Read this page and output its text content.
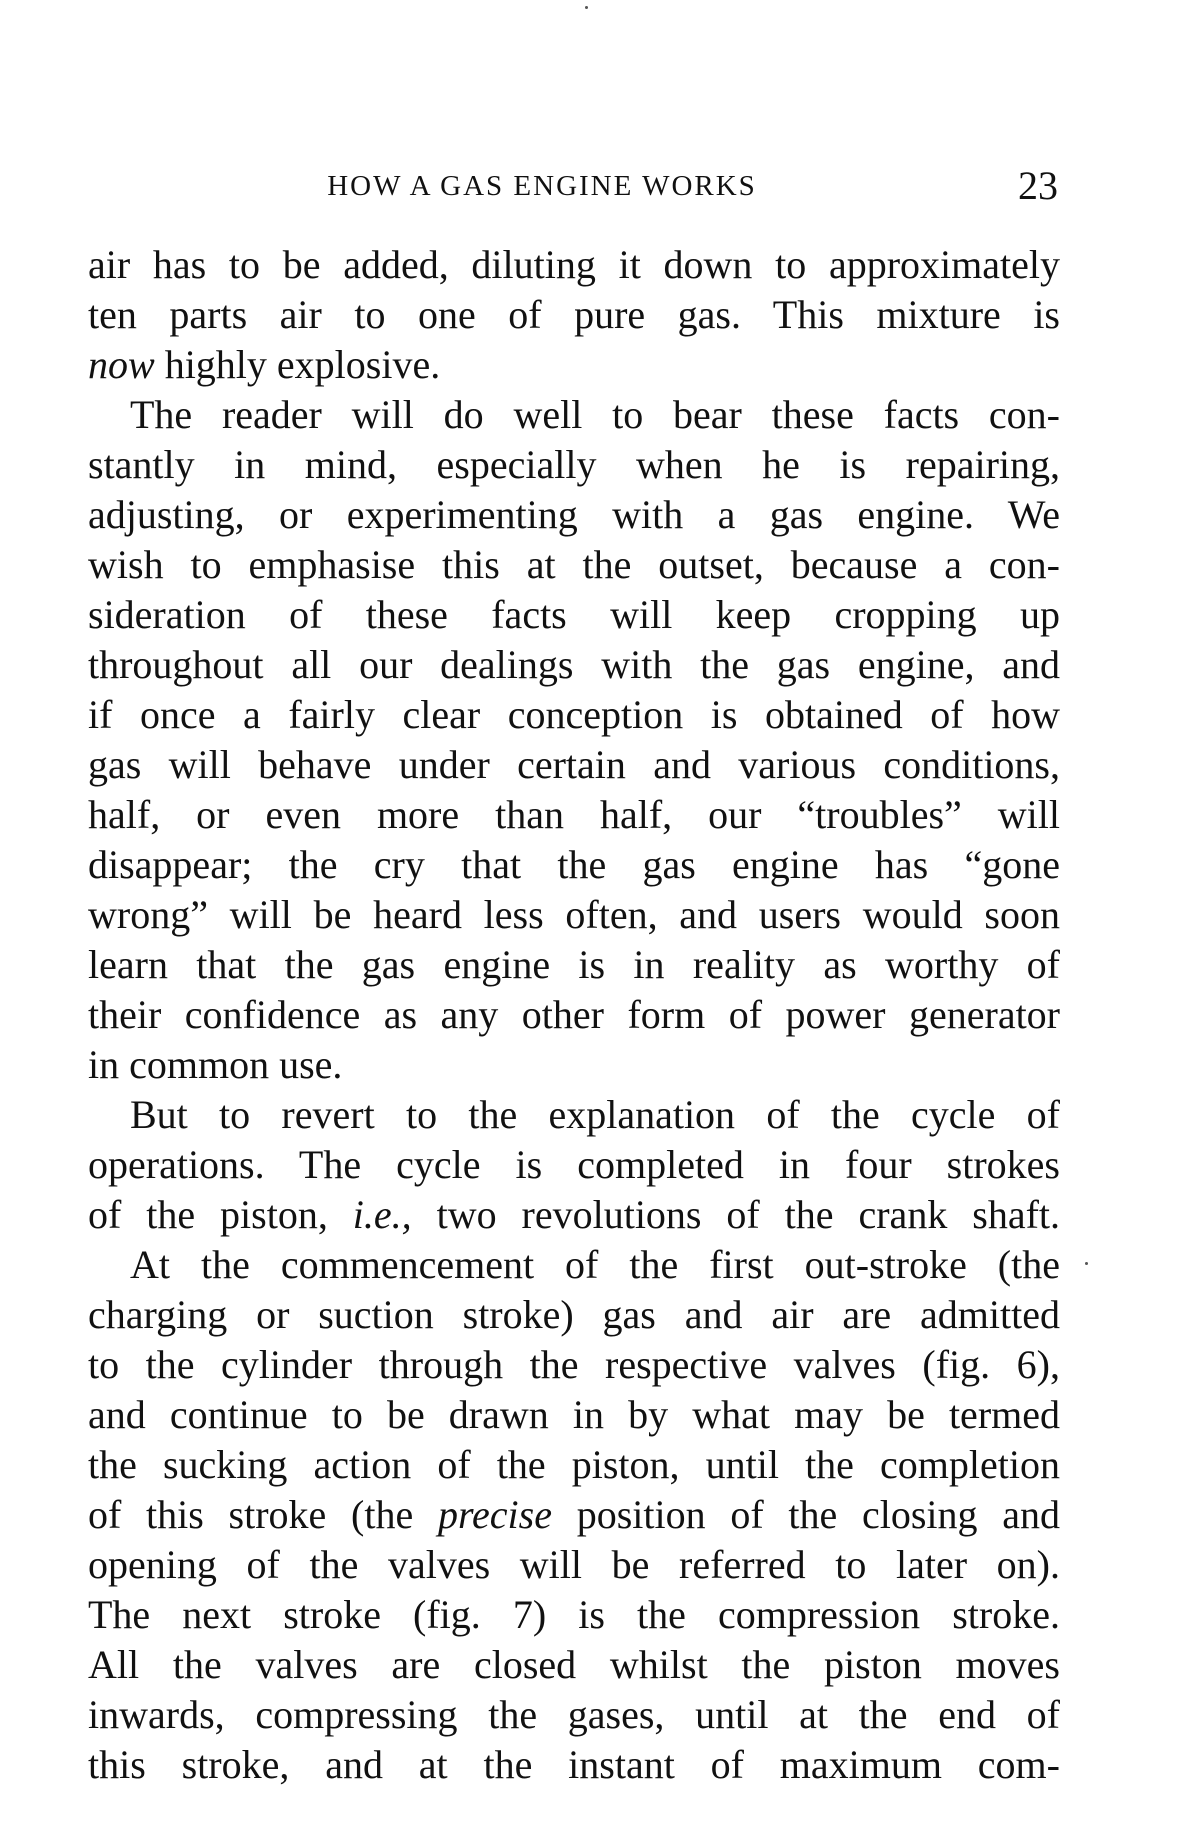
HOW A GAS ENGINE WORKS	23
air has to be added, diluting it down to approximately
ten parts air to one of pure gas. This mixture is
now highly explosive.
The reader will do well to bear these facts con-
stantly in mind, especially when he is repairing,
adjusting, or experimenting with a gas engine. We
wish to emphasise this at the outset, because a con-
sideration of these facts will keep cropping up
throughout all our dealings with the gas engine, and
if once a fairly clear conception is obtained of how
gas will behave under certain and various conditions,
half, or even more than half, our “troubles” will
disappear; the cry that the gas engine has “gone
wrong” will be heard less often, and users would soon
learn that the gas engine is in reality as worthy of
their confidence as any other form of power generator
in common use.
But to revert to the explanation of the cycle of
operations. The cycle is completed in four strokes
of the piston, i.e., two revolutions of the crank shaft.
At the commencement of the first out-stroke (the
charging or suction stroke) gas and air are admitted
to the cylinder through the respective valves (fig. 6),
and continue to be drawn in by what may be termed
the sucking action of the piston, until the completion
of this stroke (the precise position of the closing and
opening of the valves will be referred to later on).
The next stroke (fig. 7) is the compression stroke.
All the valves are closed whilst the piston moves
inwards, compressing the gases, until at the end of
this stroke, and at the instant of maximum com-
